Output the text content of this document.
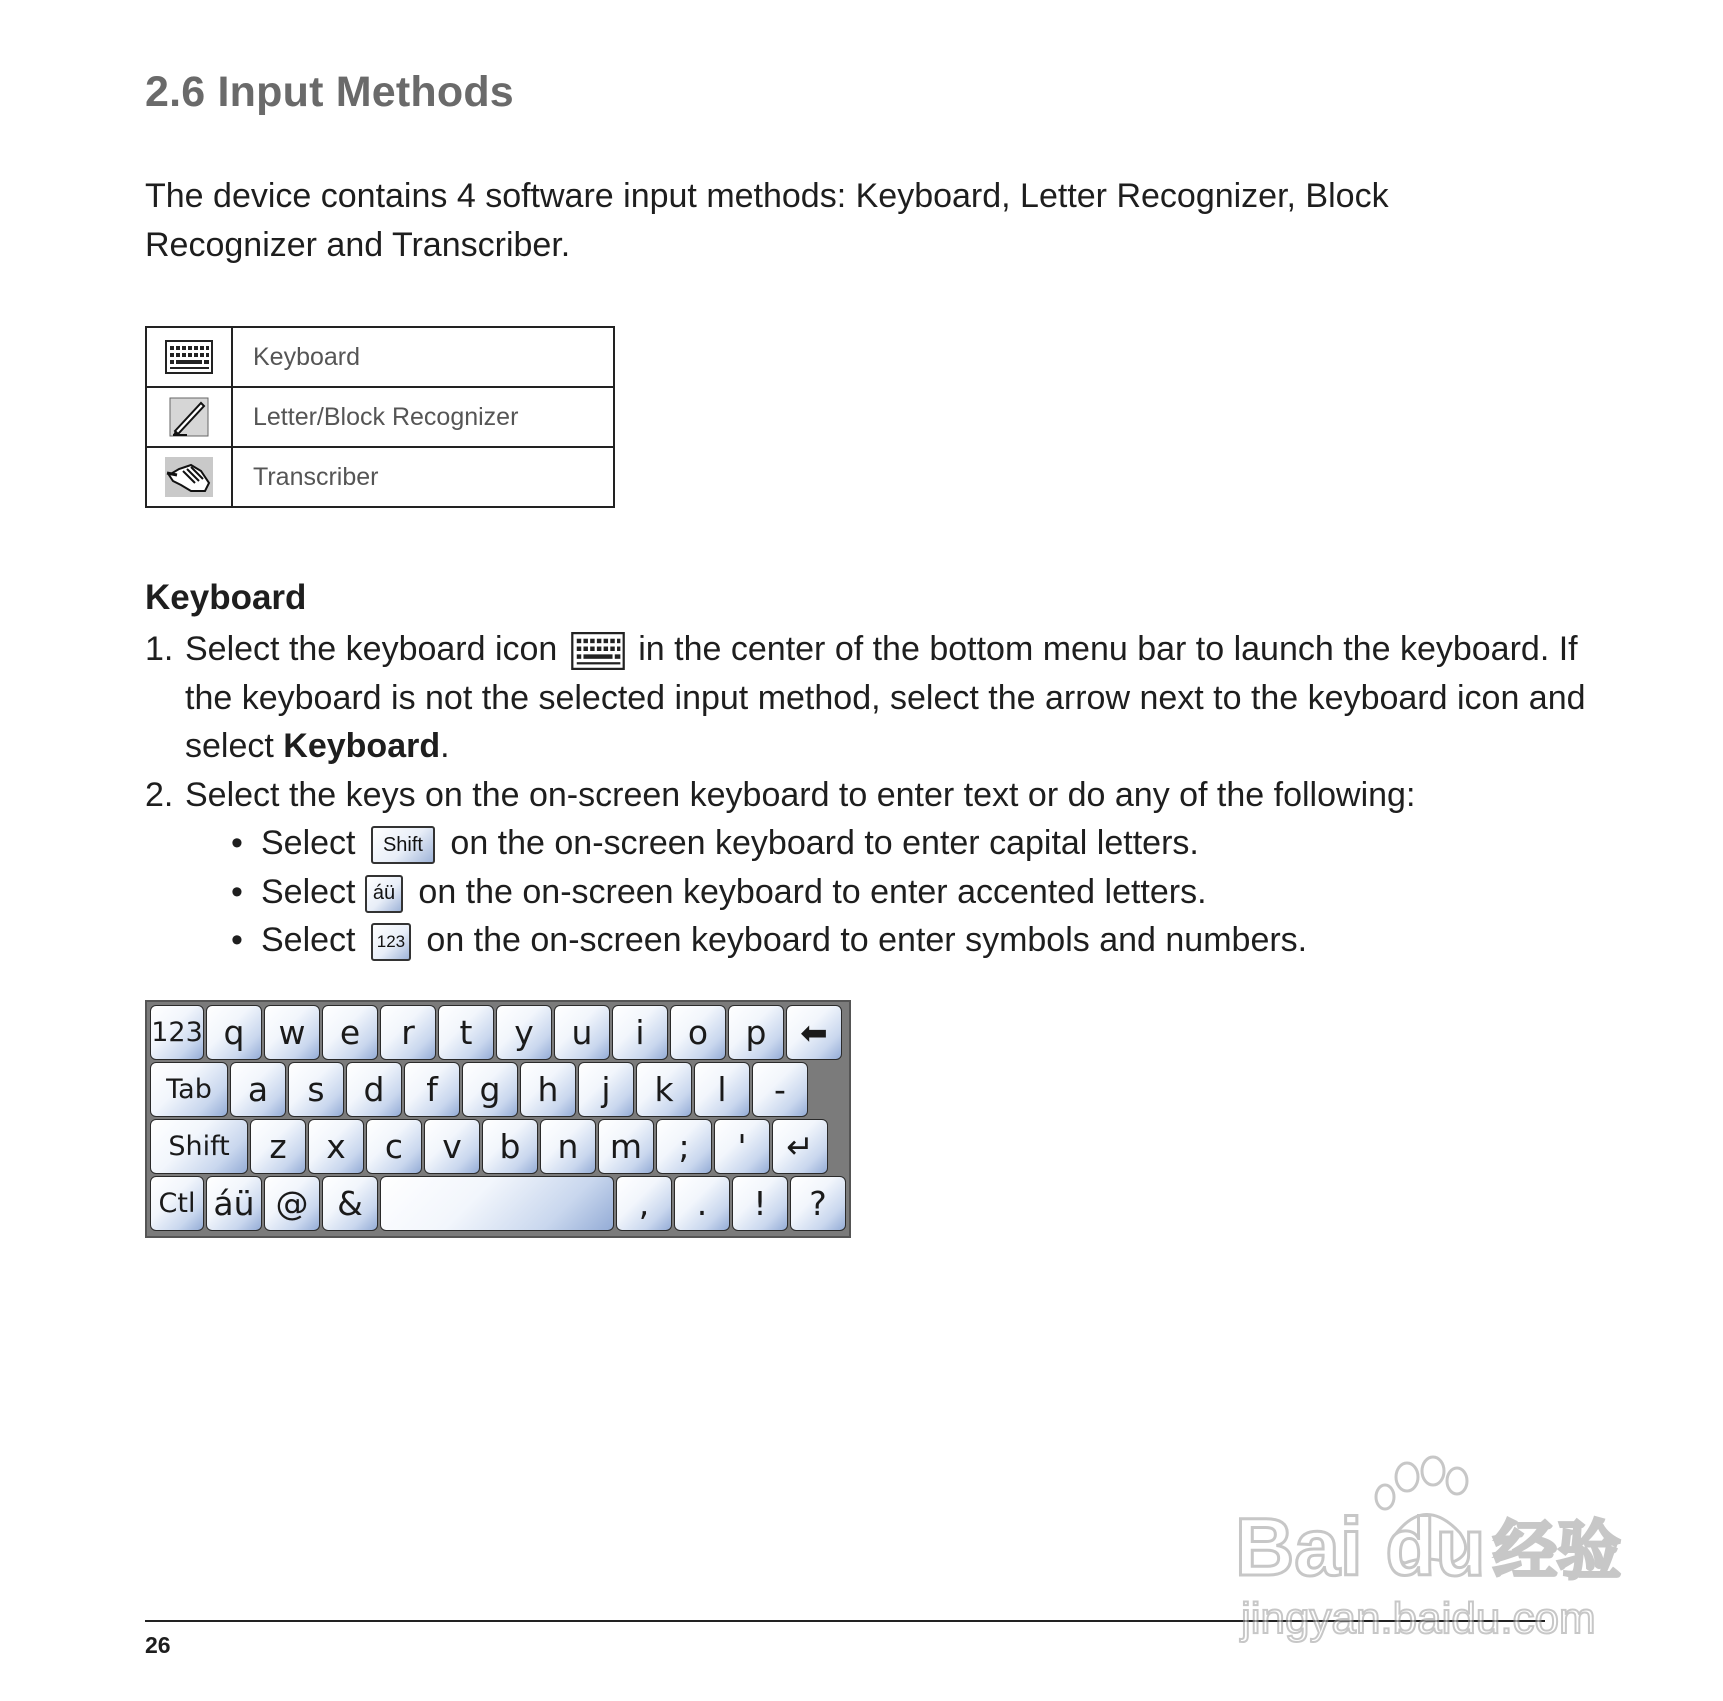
2.6 Input Methods

The device contains 4 software input methods: Keyboard, Letter Recognizer, Block Recognizer and Transcriber.

	Keyboard
	Letter/Block Recognizer
	Transcriber
Keyboard
1. Select the keyboard icon in the center of the bottom menu bar to launch the keyboard. If the keyboard is not the selected input method, select the arrow next to the keyboard icon and select Keyboard.
2. Select the keys on the on-screen keyboard to enter text or do any of the following:
• Select Shift on the on-screen keyboard to enter capital letters.
• Select áü on the on-screen keyboard to enter accented letters.
• Select 123 on the on-screen keyboard to enter symbols and numbers.
123 q	w	e	r	t	y	u	i	o	p	⬅
Tab	a	s	d	f	g	h	j	k	l	-
Shift	z	x	c	v	b	n m	;	'	↵
Ctl áü @ &	,	.	!	?
26
Bai du 经验
jingyan.baidu.com
